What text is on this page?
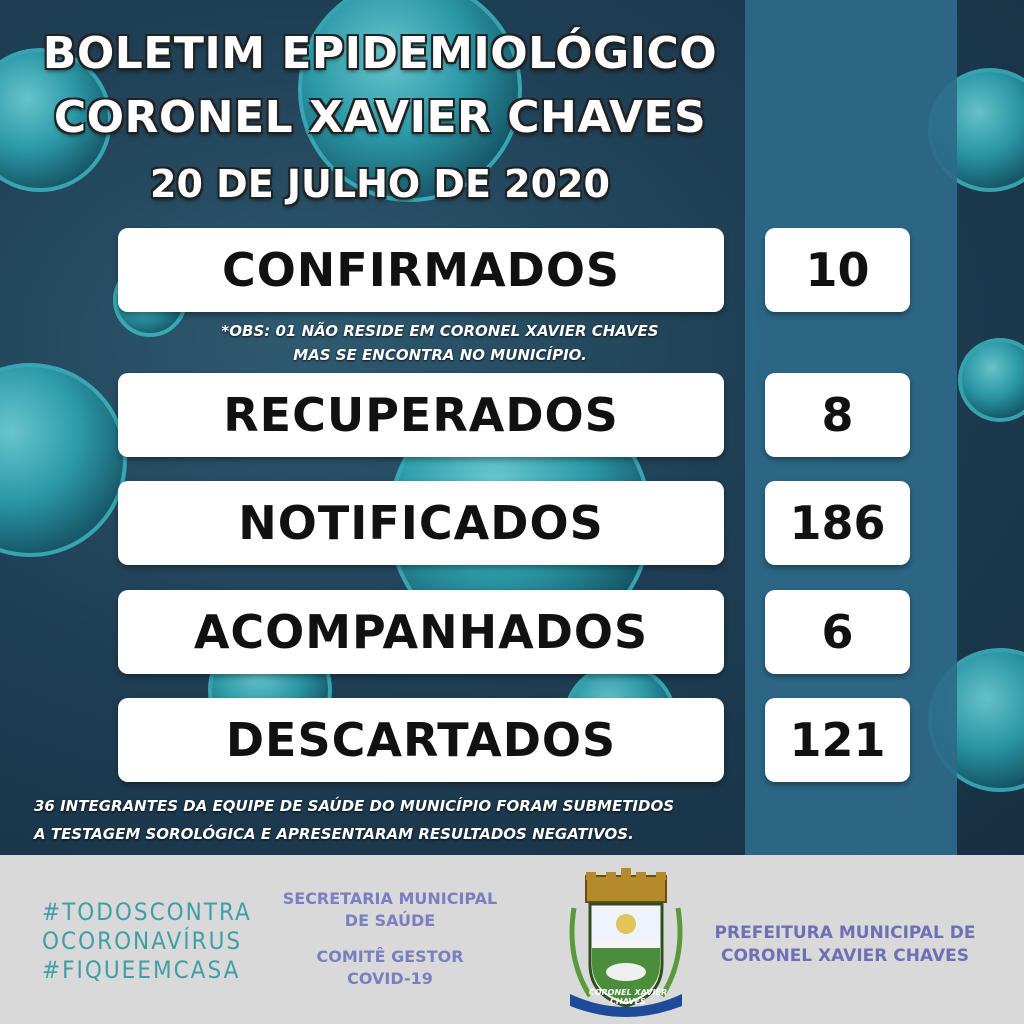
BOLETIM EPIDEMIOLÓGICO
CORONEL XAVIER CHAVES
20 DE JULHO DE 2020
CONFIRMADOS	10
*OBS: 01 NÃO RESIDE EM CORONEL XAVIER CHAVES
MAS SE ENCONTRA NO MUNICÍPIO.
RECUPERADOS	8
NOTIFICADOS	186
ACOMPANHADOS	6
DESCARTADOS	121
36 INTEGRANTES DA EQUIPE DE SAÚDE DO MUNICÍPIO FORAM SUBMETIDOS
A TESTAGEM SOROLÓGICA E APRESENTARAM RESULTADOS NEGATIVOS.
#TODOSCONTRA
OCORONAVÍRUS
#FIQUEEMCASA
SECRETARIA MUNICIPAL
DE SAÚDE
COMITÊ GESTOR
COVID-19
CORONEL XAVIER CHAVES
PREFEITURA MUNICIPAL DE
CORONEL XAVIER CHAVES
